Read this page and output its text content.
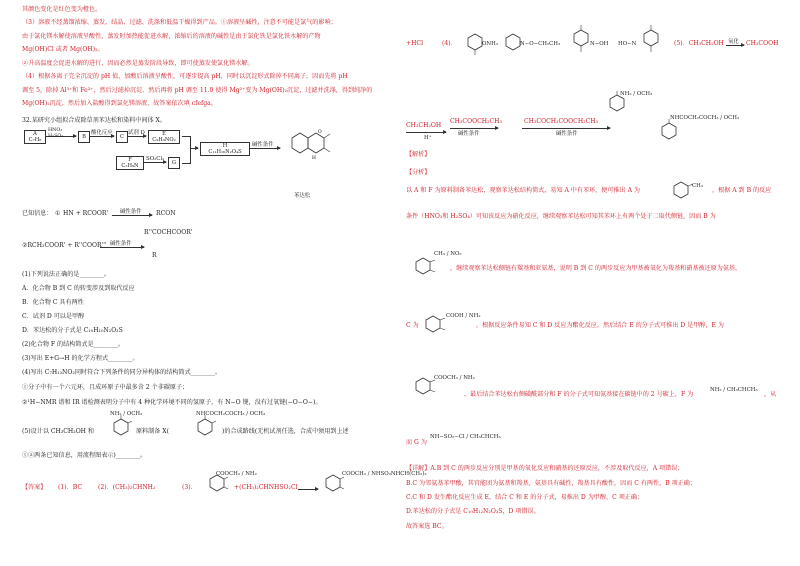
其颜色变化是红色变为橙色。
（3）溶液不经蒸馏浓缩、蒸发、结晶、过滤、洗涤和低温干燥得到产品。①溶液呈碱性，注意不可能是氯气的影响；
由于氯化镁水解使溶液呈酸性，蒸发时加热能促进水解，浓缩后的溶液的碱性是由于氯化铁是氯化铁水解的产物
Mg(OH)Cl 或者 Mg(OH)₂。
②升高温度会促进水解的进行，因而必然是蒸发阶段导致，即可使蒸发使氯化镁水解。
（4）根据各离子完全沉淀的 pH 值，加酸后溶液呈酸性，可逐步提高 pH，同时以沉淀形式除掉不同离子，因而先将 pH
调至 5，除掉 Al³⁺和 Fe³⁺，然后过滤掉沉淀，然后再将 pH 调至 11.0 使得 Mg²⁺变为 Mg(OH)₂沉淀，过滤并洗涤，得到纯净的
Mg(OH)₂沉淀，然后加入盐酸得到氯化镁溶液，故答案依次填 cfefga。
32.某研究小组拟合成除草剂苯达松和染料中间体 X。
A
C₇H₈
HNO₃
H₂SO₄	B →
酸化反应
C →
试剂 D	E
C₉H₉NO₂
F
C₃H₉N
SO₂Cl₂
G
H
C₁₁H₁₆N₂O₄S
碱性条件
H
O
苯达松
已知信息： ① HN + RCOOR' 碱性条件 RCON
R''COCHCOOR'
②RCH₂COOR' + R''COOR''' 碱性条件
R
(1)下列说法正确的是________。
A．化合物 B 到 C 的转变涉及到取代反应
B．化合物 C 具有两性
C．试剂 D 可以是甲醇
D．苯达松的分子式是 C₁₀H₁₀N₂O₃S
(2)化合物 F 的结构简式是________。
(3)写出 E+G→H 的化学方程式________。
(4)写出 C₇H₁₃NO₂同时符合下列条件的同分异构体的结构简式________。
①分子中有一个六元环，且成环原子中最多含 2 个非碳原子；
②¹H−NMR 谱和 IR 谱检测表明分子中有 4 种化学环境不同的氢原子，有 N−O 键，没有过氧键(−O−O−)。
(5)设计以 CH₃CH₂OH 和
NH₂ / OCH₃
原料制备 X(
NHCOCH₂COCH₃ / OCH₃
)的合成路线(无机试剂任选，合成中须用到上述
①②两条已知信息，用流程图表示)________。
【答案】 (1)．BC	(2)．(CH₃)₂CHNH₂	(3)．
COOCH₃ / NH₂
+(CH₃)₂CHNHSO₂Cl →
COOCH₃ / NHSO₂NHCH(CH₃)₂
+HCl	(4)．	ONH₂	N−O−CH₂CH₃	N−OH HO−N	(5)．CH₃CH₂OH →
氧化 CH₃COOH
CH₃CH₂OH
H⁺
CH₃COOCH₂CH₃
碱性条件
CH₃COCH₂COOCH₂CH₃
碱性条件
NH₂ / OCH₃
NHCOCH₂COCH₃ / OCH₃
【解析】
【分析】
以 A 和 F 为原料制备苯达松，观察苯达松结构简式，易知 A 中有苯环，便可推出 A 为
CH₃
，根据 A 到 B 的反应
条件（HNO₃和 H₂SO₄）可知该反应为硝化反应，继续观察苯达松可知其苯环上有两个处于二取代侧链，因而 B 为
CH₃ / NO₂
，继续观察苯达松侧链有羰基和亚氨基，说明 B 到 C 的两步反应为甲基被氧化为羧基和硝基被还原为氨基，
C 为
COOH / NH₂
，根据反应条件易知 C 和 D 反应为酯化反应，然后结合 E 的分子式可推出 D 是甲醇，E 为
COOCH₃ / NH₂
，最后结合苯达松右侧磺酰部分和 F 的分子式可知氨基接在碳链中的 2 号碳上，F 为
NH₂ / CH₃CHCH₃
，从
而 G 为
NH−SO₂−Cl / CH₃CHCH₃
【详解】A.B 到 C 的两步反应分别是甲基的氧化反应和硝基的还原反应，不涉及取代反应，A 项错误；
B.C 为邻氨基苯甲酸，其官能团为氨基和羧基，氨基具有碱性，羧基具有酸性，因而 C 有两性，B 项正确；
C.C 和 D 发生酯化反应生成 E，结合 C 和 E 的分子式，易推出 D 为甲醇，C 项正确；
D.苯达松的分子式是 C₁₀H₁₂N₂O₃S，D 项错误。
故答案选 BC。
